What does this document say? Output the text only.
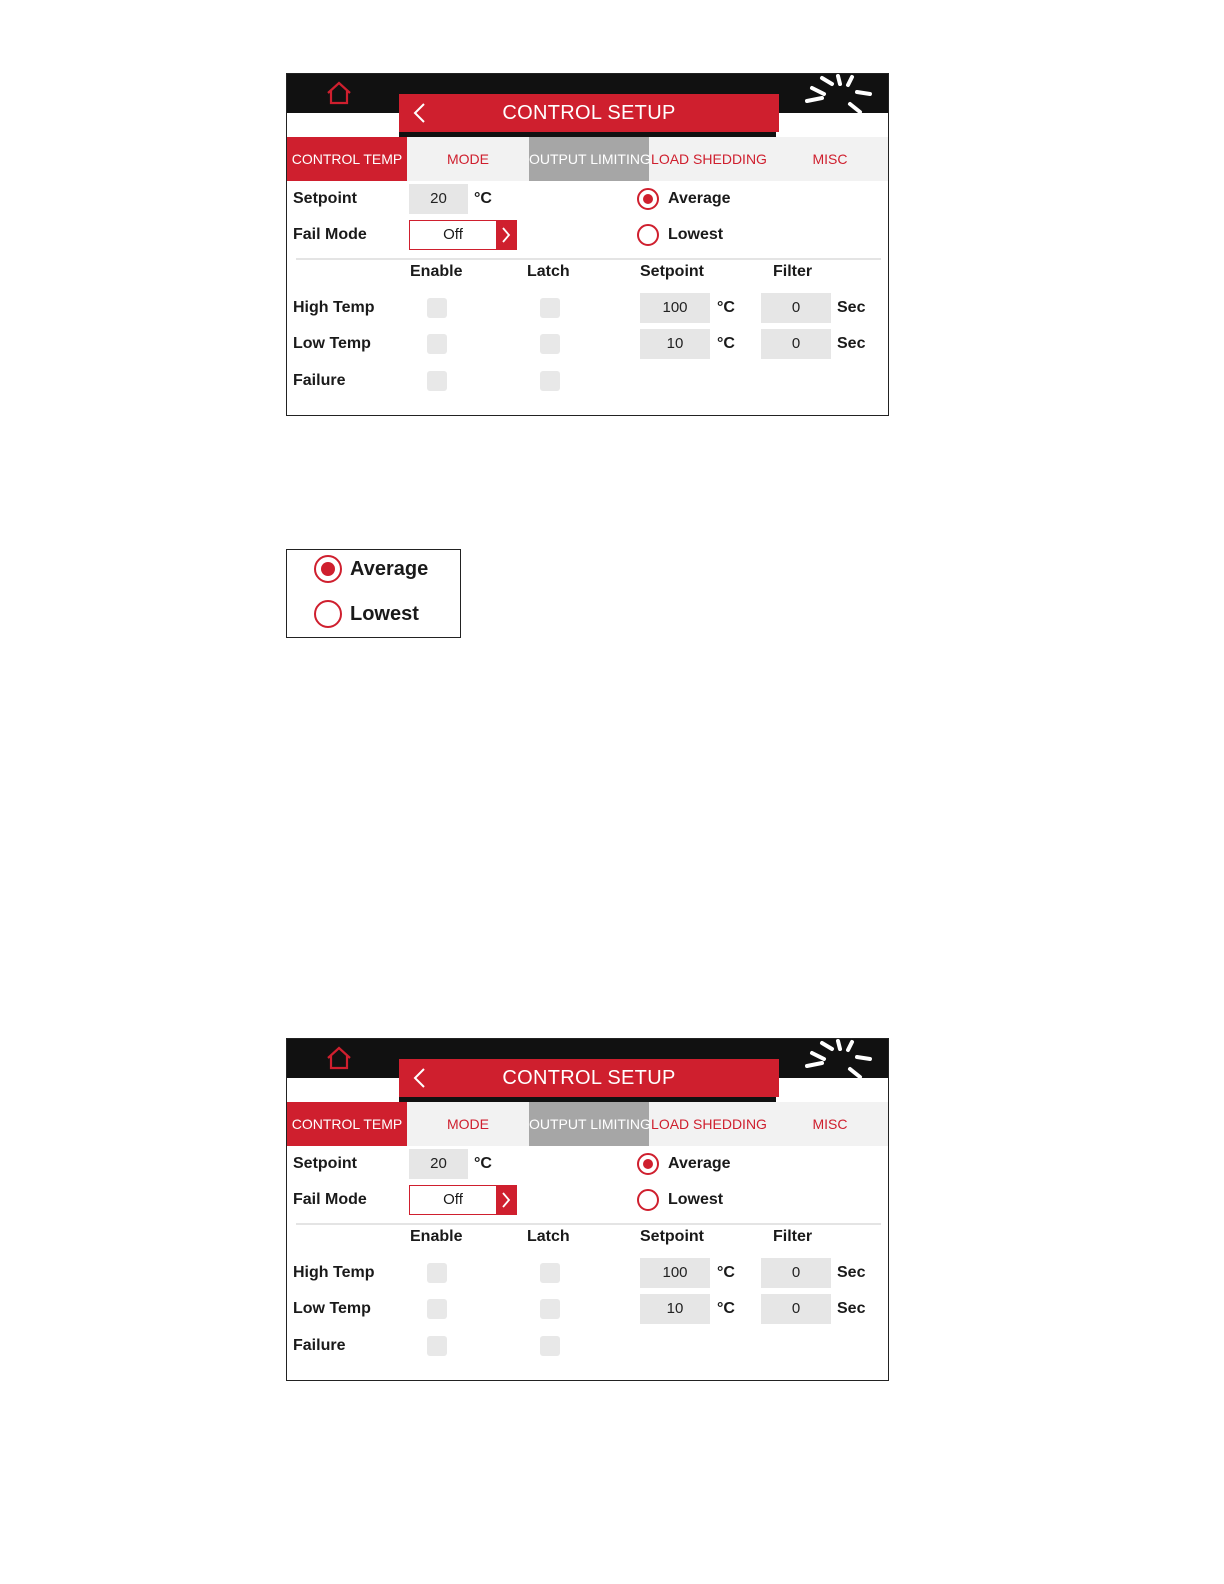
CONTROL SETUP
CONTROL TEMP	MODE	OUTPUT LIMITING LOAD SHEDDING	MISC
Setpoint	20	°C
Fail Mode	Off
Average
Lowest
Enable	Latch	Setpoint	Filter
High Temp	100	°C	0	Sec
Low Temp	10	°C	0	Sec
Failure
Average
Lowest
CONTROL SETUP
CONTROL TEMP	MODE	OUTPUT LIMITING LOAD SHEDDING	MISC
Setpoint	20	°C
Fail Mode	Off
Average
Lowest
Enable	Latch	Setpoint	Filter
High Temp	100	°C	0	Sec
Low Temp	10	°C	0	Sec
Failure
